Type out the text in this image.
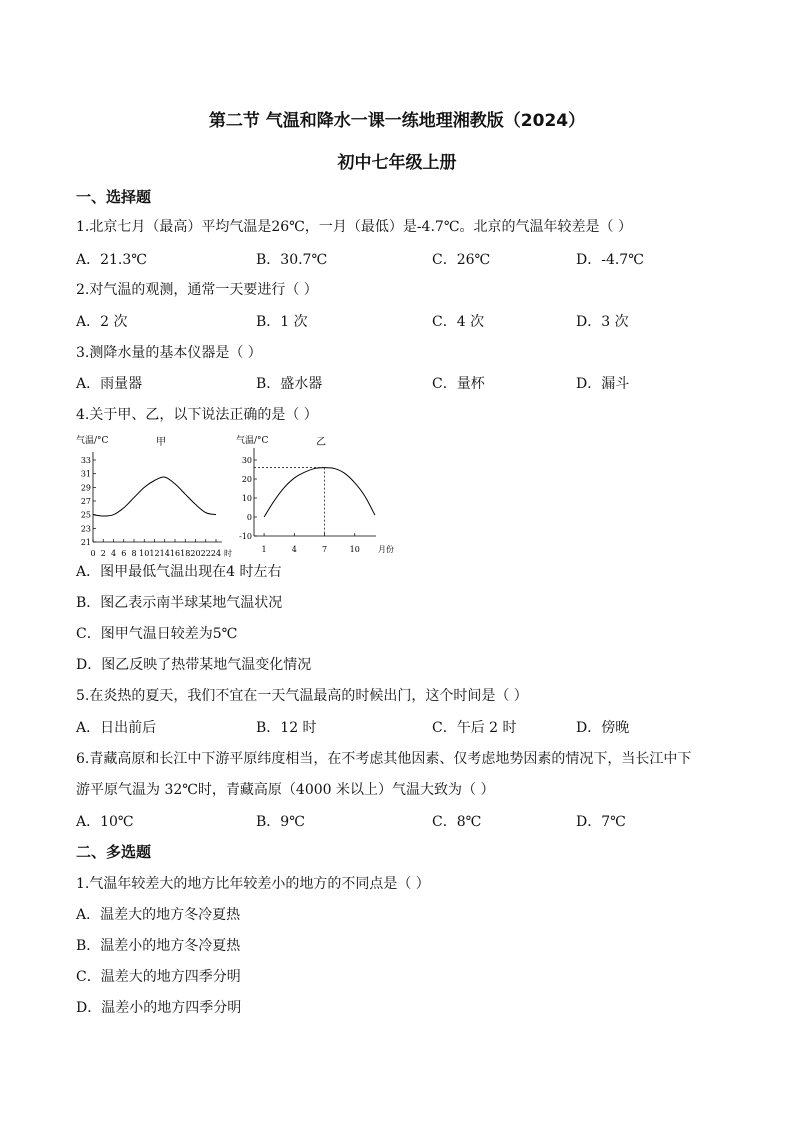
第二节 气温和降水一课一练地理湘教版（2024）
初中七年级上册
一、选择题
1.北京七月（最高）平均气温是26℃，一月（最低）是-4.7℃。北京的气温年较差是（ ）
A．21.3℃	B．30.7℃	C．26℃	D．-4.7℃
2.对气温的观测，通常一天要进行（ ）
A．2 次	B．1 次	C．4 次	D．3 次
3.测降水量的基本仪器是（ ）
A．雨量器	B．盛水器	C．量杯	D．漏斗
4.关于甲、乙，以下说法正确的是（ ）
21
23
25
27
29
31
33
0 2 4 6 8 10 12 14 16 18 20 22 24 时
气温/°C	甲
-10
0
10
20
30
1	4	7	10 月份
气温/°C	乙
A．图甲最低气温出现在4 时左右
B．图乙表示南半球某地气温状况
C．图甲气温日较差为5℃
D．图乙反映了热带某地气温变化情况
5.在炎热的夏天，我们不宜在一天气温最高的时候出门，这个时间是（ ）
A．日出前后	B．12 时	C．午后 2 时	D．傍晚
6.青藏高原和长江中下游平原纬度相当，在不考虑其他因素、仅考虑地势因素的情况下，当长江中下
游平原气温为 32℃时，青藏高原（4000 米以上）气温大致为（ ）
A．10℃	B．9℃	C．8℃	D．7℃
二、多选题
1.气温年较差大的地方比年较差小的地方的不同点是（ ）
A．温差大的地方冬冷夏热
B．温差小的地方冬冷夏热
C．温差大的地方四季分明
D．温差小的地方四季分明
